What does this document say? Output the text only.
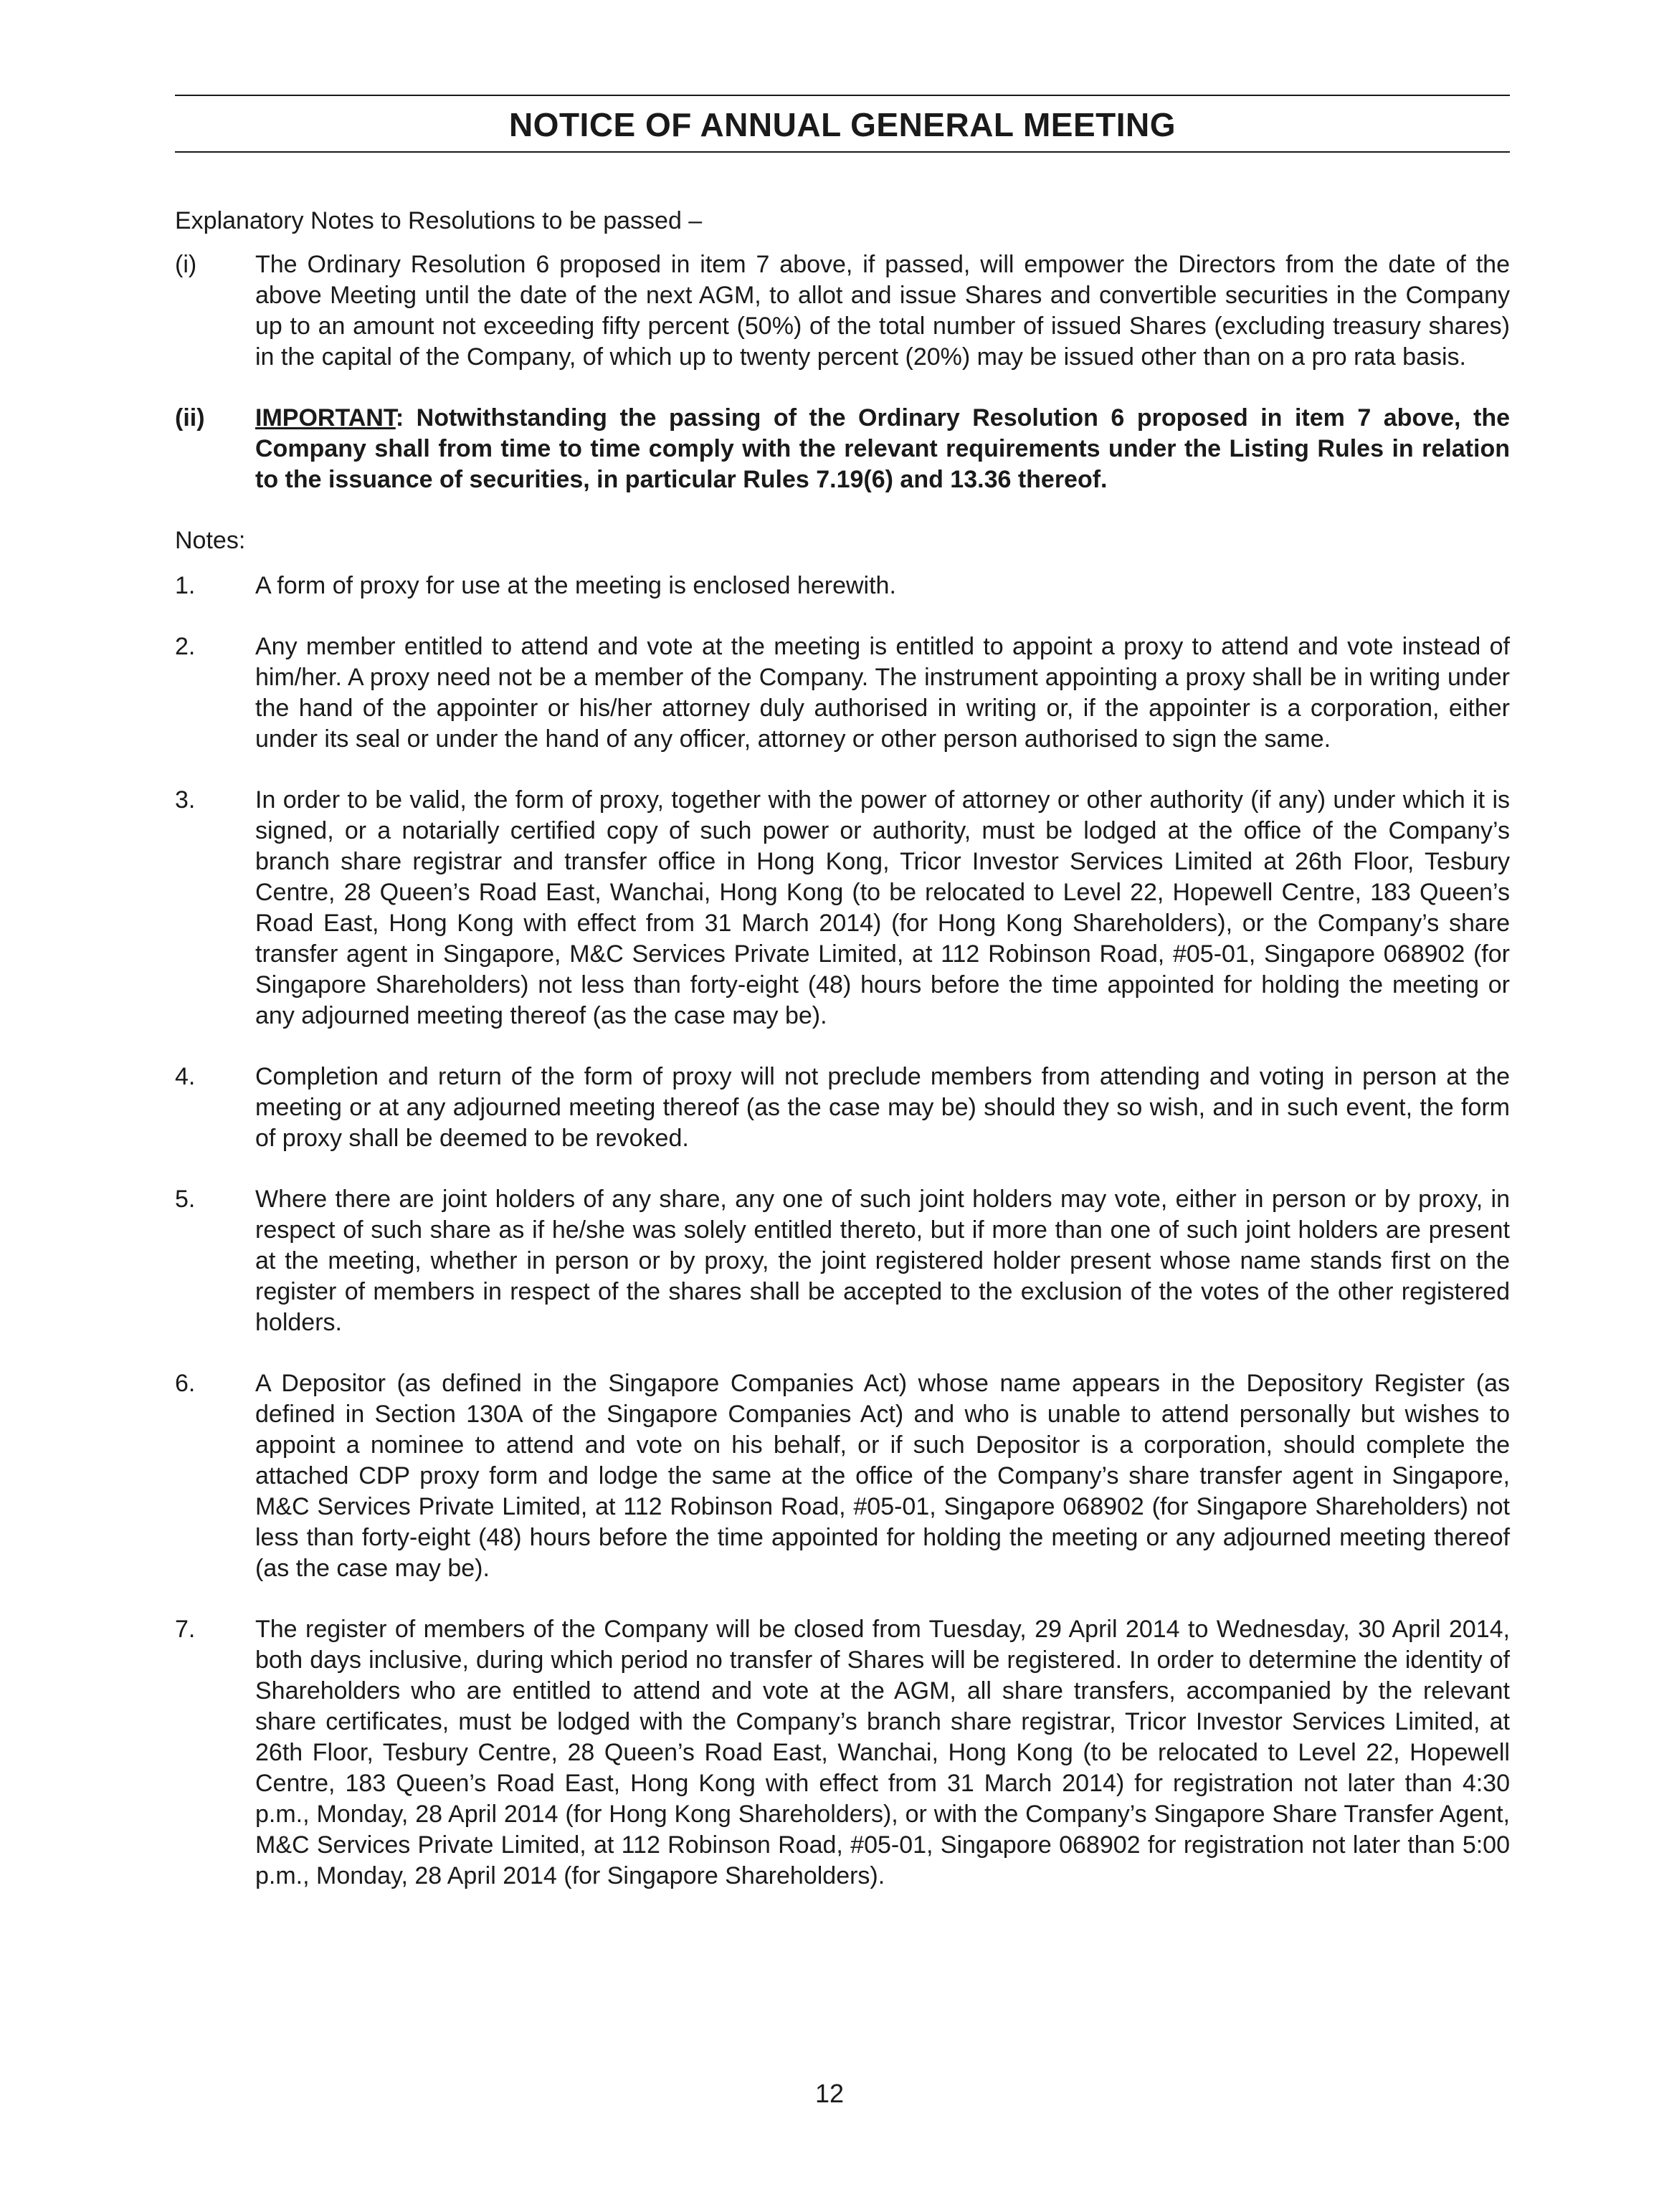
NOTICE OF ANNUAL GENERAL MEETING

Explanatory Notes to Resolutions to be passed –

(i)	The Ordinary Resolution 6 proposed in item 7 above, if passed, will empower the Directors from the date of the above Meeting until the date of the next AGM, to allot and issue Shares and convertible securities in the Company up to an amount not exceeding fifty percent (50%) of the total number of issued Shares (excluding treasury shares) in the capital of the Company, of which up to twenty percent (20%) may be issued other than on a pro rata basis.
(ii)	IMPORTANT: Notwithstanding the passing of the Ordinary Resolution 6 proposed in item 7 above, the Company shall from time to time comply with the relevant requirements under the Listing Rules in relation to the issuance of securities, in particular Rules 7.19(6) and 13.36 thereof.

Notes:

1.	A form of proxy for use at the meeting is enclosed herewith.
2.	Any member entitled to attend and vote at the meeting is entitled to appoint a proxy to attend and vote instead of him/her. A proxy need not be a member of the Company. The instrument appointing a proxy shall be in writing under the hand of the appointer or his/her attorney duly authorised in writing or, if the appointer is a corporation, either under its seal or under the hand of any officer, attorney or other person authorised to sign the same.
3.	In order to be valid, the form of proxy, together with the power of attorney or other authority (if any) under which it is signed, or a notarially certified copy of such power or authority, must be lodged at the office of the Company’s branch share registrar and transfer office in Hong Kong, Tricor Investor Services Limited at 26th Floor, Tesbury Centre, 28 Queen’s Road East, Wanchai, Hong Kong (to be relocated to Level 22, Hopewell Centre, 183 Queen’s Road East, Hong Kong with effect from 31 March 2014) (for Hong Kong Shareholders), or the Company’s share transfer agent in Singapore, M&C Services Private Limited, at 112 Robinson Road, #05-01, Singapore 068902 (for Singapore Shareholders) not less than forty-eight (48) hours before the time appointed for holding the meeting or any adjourned meeting thereof (as the case may be).
4.	Completion and return of the form of proxy will not preclude members from attending and voting in person at the meeting or at any adjourned meeting thereof (as the case may be) should they so wish, and in such event, the form of proxy shall be deemed to be revoked.
5.	Where there are joint holders of any share, any one of such joint holders may vote, either in person or by proxy, in respect of such share as if he/she was solely entitled thereto, but if more than one of such joint holders are present at the meeting, whether in person or by proxy, the joint registered holder present whose name stands first on the register of members in respect of the shares shall be accepted to the exclusion of the votes of the other registered holders.
6.	A Depositor (as defined in the Singapore Companies Act) whose name appears in the Depository Register (as defined in Section 130A of the Singapore Companies Act) and who is unable to attend personally but wishes to appoint a nominee to attend and vote on his behalf, or if such Depositor is a corporation, should complete the attached CDP proxy form and lodge the same at the office of the Company’s share transfer agent in Singapore, M&C Services Private Limited, at 112 Robinson Road, #05-01, Singapore 068902 (for Singapore Shareholders) not less than forty-eight (48) hours before the time appointed for holding the meeting or any adjourned meeting thereof (as the case may be).
7.	The register of members of the Company will be closed from Tuesday, 29 April 2014 to Wednesday, 30 April 2014, both days inclusive, during which period no transfer of Shares will be registered. In order to determine the identity of Shareholders who are entitled to attend and vote at the AGM, all share transfers, accompanied by the relevant share certificates, must be lodged with the Company’s branch share registrar, Tricor Investor Services Limited, at 26th Floor, Tesbury Centre, 28 Queen’s Road East, Wanchai, Hong Kong (to be relocated to Level 22, Hopewell Centre, 183 Queen’s Road East, Hong Kong with effect from 31 March 2014) for registration not later than 4:30 p.m., Monday, 28 April 2014 (for Hong Kong Shareholders), or with the Company’s Singapore Share Transfer Agent, M&C Services Private Limited, at 112 Robinson Road, #05-01, Singapore 068902 for registration not later than 5:00 p.m., Monday, 28 April 2014 (for Singapore Shareholders).
12
